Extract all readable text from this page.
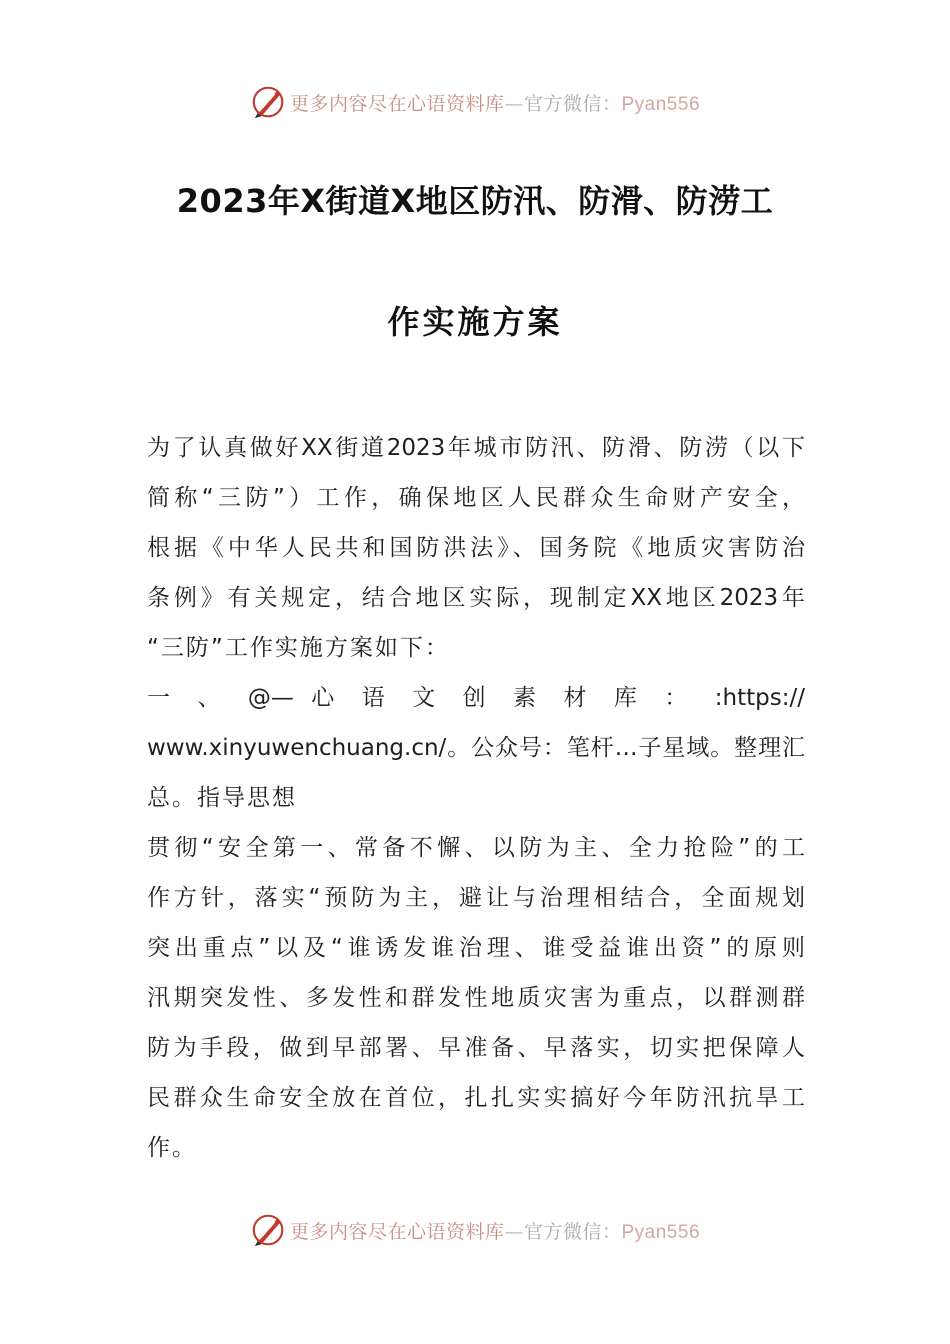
更多内容尽在心语资料库—官方微信：Pyan556
2023年X街道X地区防汛、防滑、防涝工
作实施方案
为了认真做好XX街道2023年城市防汛、防滑、防涝（以下
简称“三防”）工作，确保地区人民群众生命财产安全，
根据《中华人民共和国防洪法》、国务院《地质灾害防治
条例》有关规定，结合地区实际，现制定XX地区2023年
“三防”工作实施方案如下：
一 、 @— 心 语 文 创 素 材 库 ： :https://
www.xinyuwenchuang.cn/。公众号：笔杆…子星域。整理汇
总。指导思想
贯彻“安全第一、常备不懈、以防为主、全力抢险”的工
作方针，落实“预防为主，避让与治理相结合，全面规划
突出重点”以及“谁诱发谁治理、谁受益谁出资”的原则
汛期突发性、多发性和群发性地质灾害为重点，以群测群
防为手段，做到早部署、早准备、早落实，切实把保障人
民群众生命安全放在首位，扎扎实实搞好今年防汛抗旱工
作。
更多内容尽在心语资料库—官方微信：Pyan556
